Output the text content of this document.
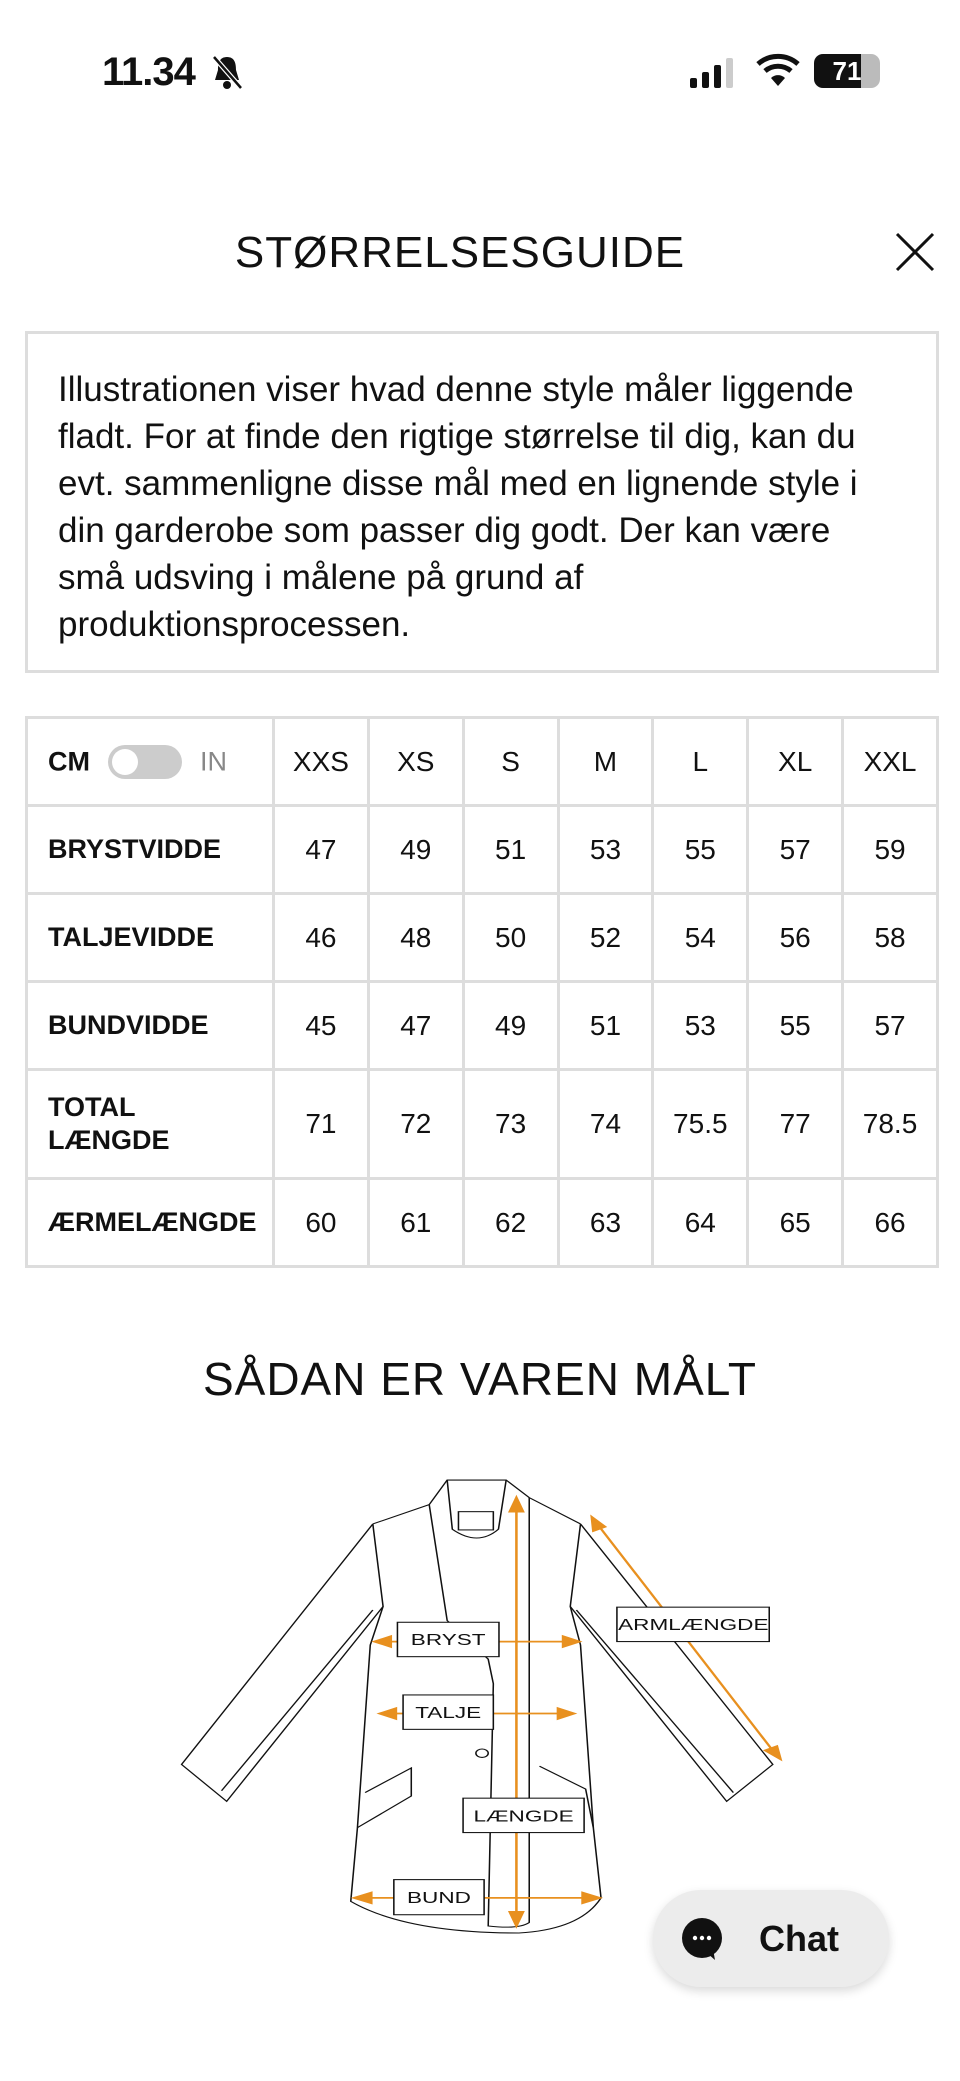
11.34	71
STØRRELSESGUIDE
Illustrationen viser hvad denne style måler liggende fladt. For at finde den rigtige størrelse til dig, kan du evt. sammenligne disse mål med en lignende style i din garderobe som passer dig godt. Der kan være små udsving i målene på grund af produktionsprocessen.
CM IN	XXS	XS	S	M	L	XL	XXL
BRYSTVIDDE	47	49	51	53	55	57	59
TALJEVIDDE	46	48	50	52	54	56	58
BUNDVIDDE	45	47	49	51	53	55	57
TOTAL LÆNGDE	71	72	73	74	75.5	77	78.5
ÆRMELÆNGDE	60	61	62	63	64	65	66
SÅDAN ER VAREN MÅLT
BRYST
TALJE
LÆNGDE
BUND
ARMLÆNGDE
Chat
